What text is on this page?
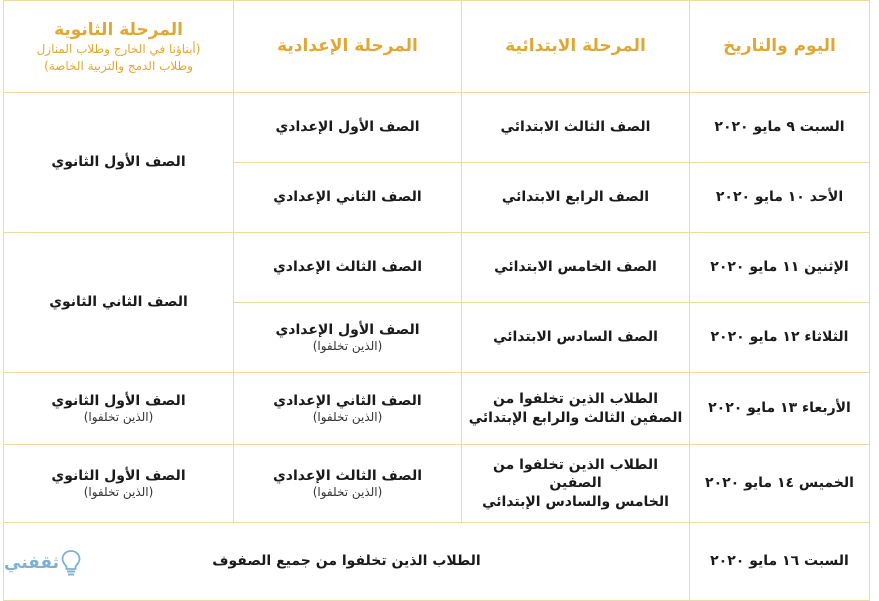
اليوم والتاريخ	المرحلة الابتدائية	المرحلة الإعدادية	المرحلة الثانوية
(أبناؤنا في الخارج وطلاب المنازل
وطلاب الدمج والتربية الخاصة)

السبت ٩ مايو ٢٠٢٠	الصف الثالث الابتدائي	الصف الأول الإعدادي	الصف الأول الثانوي
الأحد ١٠ مايو ٢٠٢٠	الصف الرابع الابتدائي	الصف الثاني الإعدادي	
الإثنين ١١ مايو ٢٠٢٠	الصف الخامس الابتدائي	الصف الثالث الإعدادي	الصف الثاني الثانوي
الثلاثاء ١٢ مايو ٢٠٢٠	الصف السادس الابتدائي	الصف الأول الإعدادي
(الذين تخلفوا)	

الأربعاء ١٣ مايو ٢٠٢٠	الطلاب الذين تخلفوا من
الصفين الثالث والرابع الإبتدائي	الصف الثاني الإعدادي
(الذين تخلفوا)	الصف الأول الثانوي
(الذين تخلفوا)

الخميس ١٤ مايو ٢٠٢٠	الطلاب الذين تخلفوا من الصفين
الخامس والسادس الإبتدائي	الصف الثالث الإعدادي
(الذين تخلفوا)	الصف الأول الثانوي
(الذين تخلفوا)

السبت ١٦ مايو ٢٠٢٠	الطلاب الذين تخلفوا من جميع الصفوف		
ثقفني
